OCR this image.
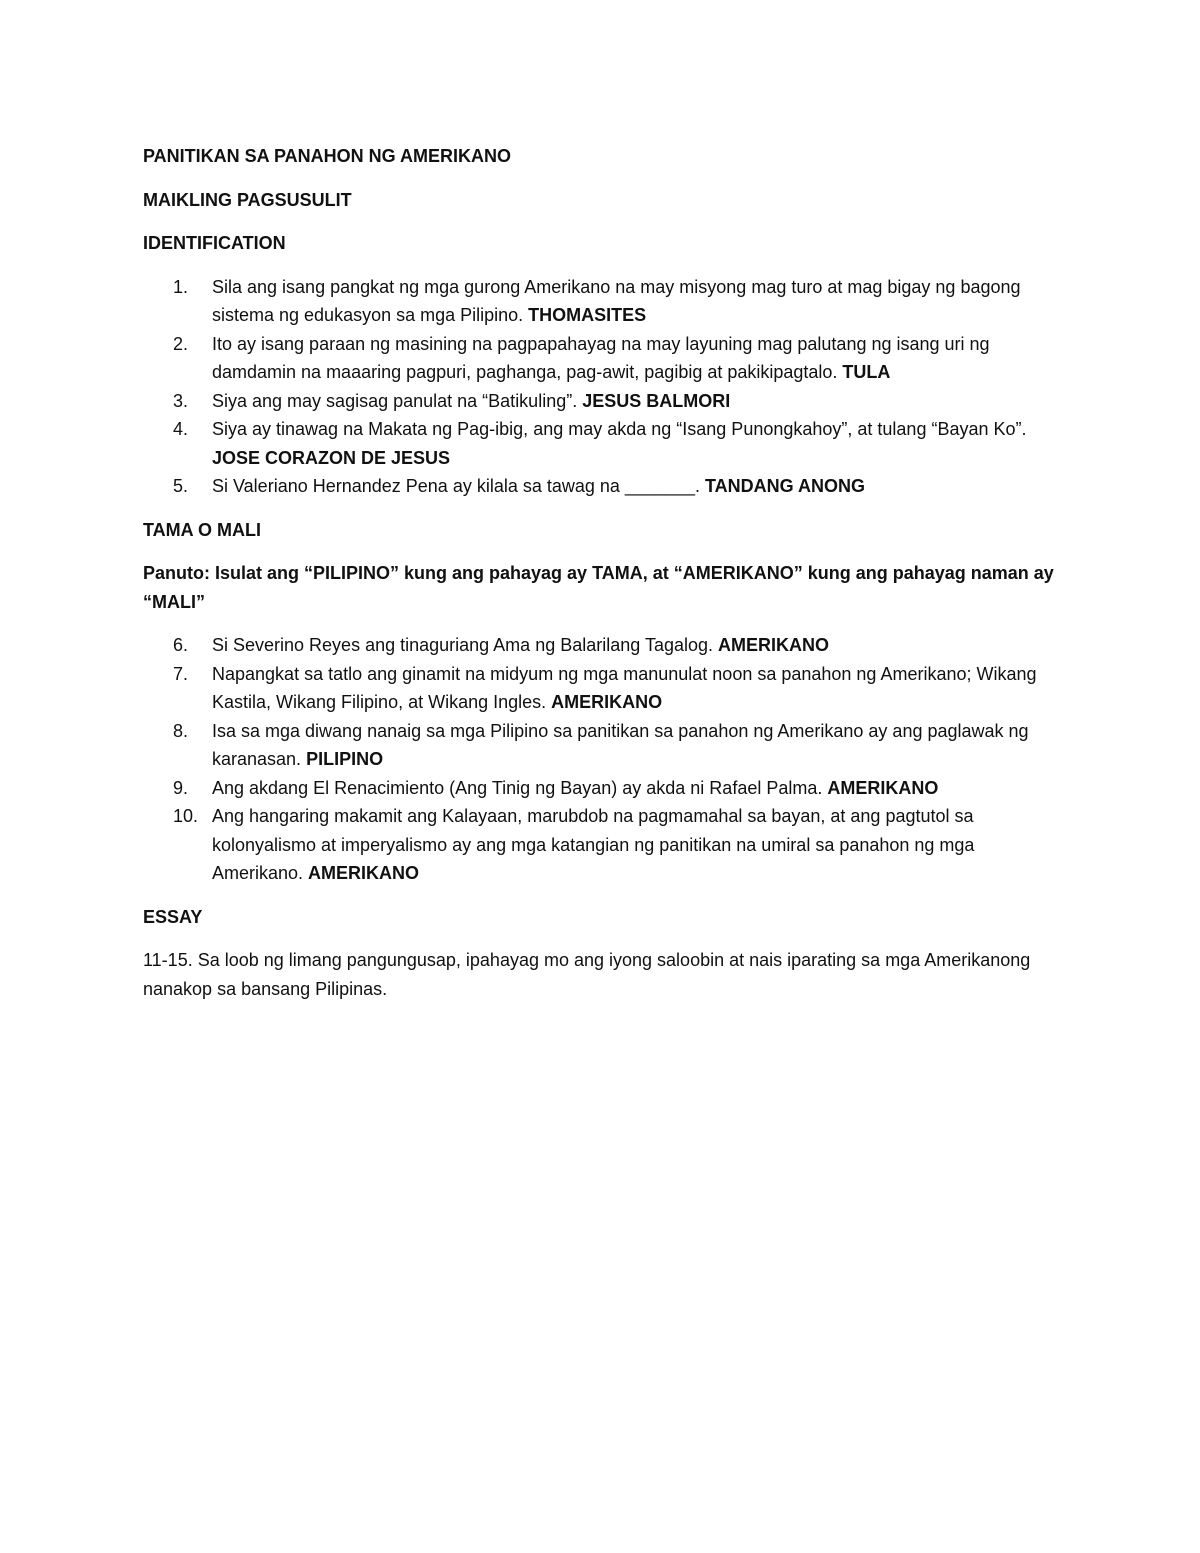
PANITIKAN SA PANAHON NG AMERIKANO
MAIKLING PAGSUSULIT
IDENTIFICATION
1.	Sila ang isang pangkat ng mga gurong Amerikano na may misyong mag turo at mag bigay ng bagong sistema ng edukasyon sa mga Pilipino. THOMASITES
2.	Ito ay isang paraan ng masining na pagpapahayag na may layuning mag palutang ng isang uri ng damdamin na maaaring pagpuri, paghanga, pag-awit, pagibig at pakikipagtalo. TULA
3.	Siya ang may sagisag panulat na “Batikuling”. JESUS BALMORI
4.	Siya ay tinawag na Makata ng Pag-ibig, ang may akda ng “Isang Punongkahoy”, at tulang “Bayan Ko”. JOSE CORAZON DE JESUS
5.	Si Valeriano Hernandez Pena ay kilala sa tawag na _______. TANDANG ANONG
TAMA O MALI
Panuto: Isulat ang “PILIPINO” kung ang pahayag ay TAMA, at “AMERIKANO” kung ang pahayag naman ay “MALI”
6.	Si Severino Reyes ang tinaguriang Ama ng Balarilang Tagalog. AMERIKANO
7.	Napangkat sa tatlo ang ginamit na midyum ng mga manunulat noon sa panahon ng Amerikano; Wikang Kastila, Wikang Filipino, at Wikang Ingles. AMERIKANO
8.	Isa sa mga diwang nanaig sa mga Pilipino sa panitikan sa panahon ng Amerikano ay ang paglawak ng karanasan. PILIPINO
9.	Ang akdang El Renacimiento (Ang Tinig ng Bayan) ay akda ni Rafael Palma. AMERIKANO
10. Ang hangaring makamit ang Kalayaan, marubdob na pagmamahal sa bayan, at ang pagtutol sa kolonyalismo at imperyalismo ay ang mga katangian ng panitikan na umiral sa panahon ng mga Amerikano. AMERIKANO
ESSAY
11-15. Sa loob ng limang pangungusap, ipahayag mo ang iyong saloobin at nais iparating sa mga Amerikanong nanakop sa bansang Pilipinas.
